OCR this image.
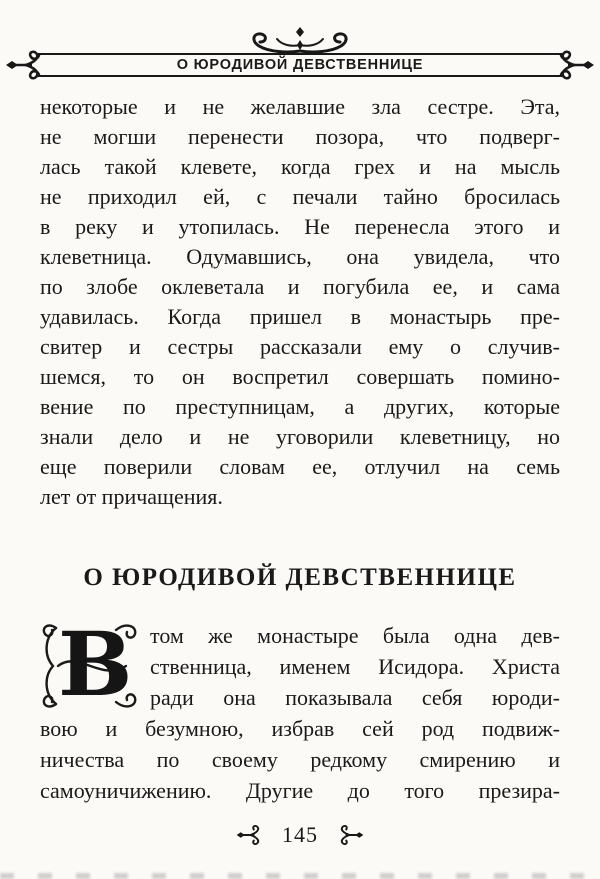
О ЮРОДИВОЙ ДЕВСТВЕННИЦЕ
некоторые и не желавшие зла сестре. Эта,
не могши перенести позора, что подверг-
лась такой клевете, когда грех и на мысль
не приходил ей, с печали тайно бросилась
в реку и утопилась. Не перенесла этого и
клеветница. Одумавшись, она увидела, что
по злобе оклеветала и погубила ее, и сама
удавилась. Когда пришел в монастырь пре-
свитер и сестры рассказали ему о случив-
шемся, то он воспретил совершать помино-
вение по преступницам, а других, которые
знали дело и не уговорили клеветницу, но
еще поверили словам ее, отлучил на семь
лет от причащения.
О ЮРОДИВОЙ ДЕВСТВЕННИЦЕ
В том же монастыре была одна дев-
ственница, именем Исидора. Христа
ради она показывала себя юроди-
вою и безумною, избрав сей род подвиж-
ничества по своему редкому смирению и
самоуничижению. Другие до того презира-
145
